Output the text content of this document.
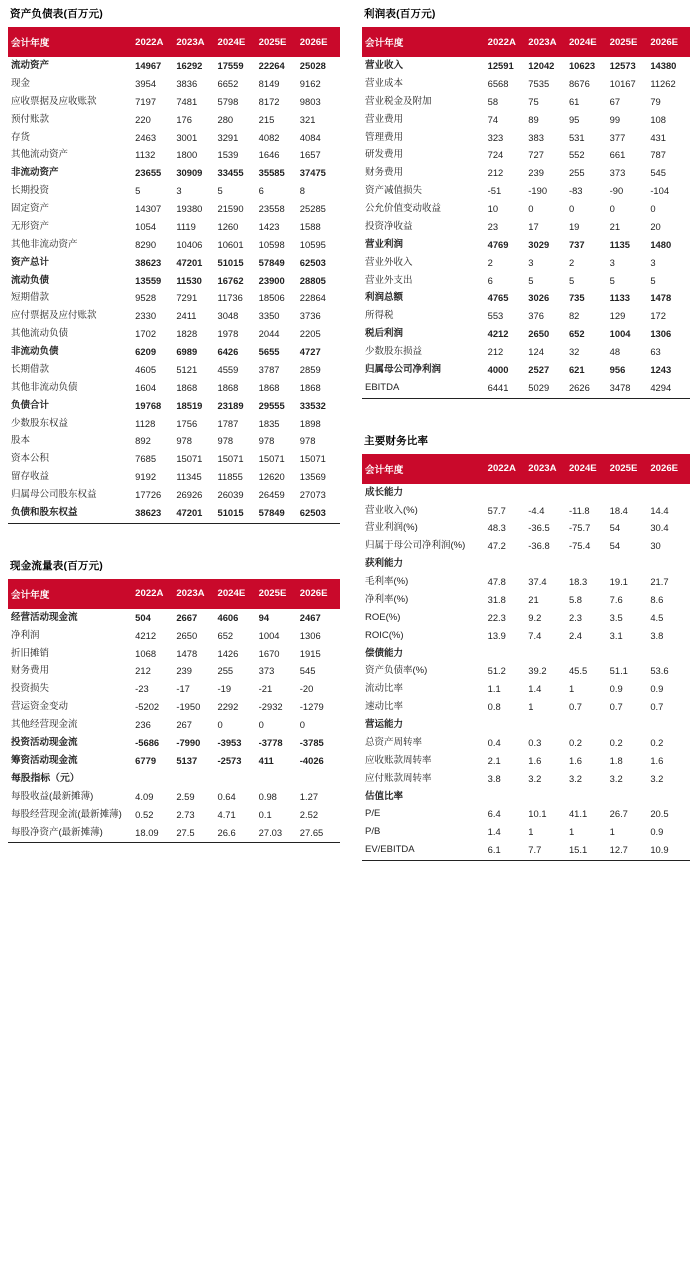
资产负债表(百万元)
会计年度	2022A	2023A	2024E	2025E	2026E
流动资产	14967	16292	17559	22264	25028
现金	3954	3836	6652	8149	9162
应收票据及应收账款	7197	7481	5798	8172	9803
预付账款	220	176	280	215	321
存货	2463	3001	3291	4082	4084
其他流动资产	1132	1800	1539	1646	1657
非流动资产	23655	30909	33455	35585	37475
长期投资	5	3	5	6	8
固定资产	14307	19380	21590	23558	25285
无形资产	1054	1119	1260	1423	1588
其他非流动资产	8290	10406	10601	10598	10595
资产总计	38623	47201	51015	57849	62503
流动负债	13559	11530	16762	23900	28805
短期借款	9528	7291	11736	18506	22864
应付票据及应付账款	2330	2411	3048	3350	3736
其他流动负债	1702	1828	1978	2044	2205
非流动负债	6209	6989	6426	5655	4727
长期借款	4605	5121	4559	3787	2859
其他非流动负债	1604	1868	1868	1868	1868
负债合计	19768	18519	23189	29555	33532
少数股东权益	1128	1756	1787	1835	1898
股本	892	978	978	978	978
资本公积	7685	15071	15071	15071	15071
留存收益	9192	11345	11855	12620	13569
归属母公司股东权益	17726	26926	26039	26459	27073
负债和股东权益	38623	47201	51015	57849	62503
现金流量表(百万元)
会计年度	2022A	2023A	2024E	2025E	2026E
经营活动现金流	504	2667	4606	94	2467
净利润	4212	2650	652	1004	1306
折旧摊销	1068	1478	1426	1670	1915
财务费用	212	239	255	373	545
投资损失	-23	-17	-19	-21	-20
营运资金变动	-5202	-1950	2292	-2932	-1279
其他经营现金流	236	267	0	0	0
投资活动现金流	-5686	-7990	-3953	-3778	-3785
筹资活动现金流	6779	5137	-2573	411	-4026
每股指标（元）					
每股收益(最新摊薄)	4.09	2.59	0.64	0.98	1.27
每股经营现金流(最新摊薄)	0.52	2.73	4.71	0.1	2.52
每股净资产(最新摊薄)	18.09	27.5	26.6	27.03	27.65
利润表(百万元)
会计年度	2022A	2023A	2024E	2025E	2026E
营业收入	12591	12042	10623	12573	14380
营业成本	6568	7535	8676	10167	11262
营业税金及附加	58	75	61	67	79
营业费用	74	89	95	99	108
管理费用	323	383	531	377	431
研发费用	724	727	552	661	787
财务费用	212	239	255	373	545
资产减值损失	-51	-190	-83	-90	-104
公允价值变动收益	10	0	0	0	0
投资净收益	23	17	19	21	20
营业利润	4769	3029	737	1135	1480
营业外收入	2	3	2	3	3
营业外支出	6	5	5	5	5
利润总额	4765	3026	735	1133	1478
所得税	553	376	82	129	172
税后利润	4212	2650	652	1004	1306
少数股东损益	212	124	32	48	63
归属母公司净利润	4000	2527	621	956	1243
EBITDA	6441	5029	2626	3478	4294
主要财务比率
会计年度	2022A	2023A	2024E	2025E	2026E
成长能力					
营业收入(%)	57.7	-4.4	-11.8	18.4	14.4
营业利润(%)	48.3	-36.5	-75.7	54	30.4
归属于母公司净利润(%)	47.2	-36.8	-75.4	54	30
获利能力					
毛利率(%)	47.8	37.4	18.3	19.1	21.7
净利率(%)	31.8	21	5.8	7.6	8.6
ROE(%)	22.3	9.2	2.3	3.5	4.5
ROIC(%)	13.9	7.4	2.4	3.1	3.8
偿债能力					
资产负债率(%)	51.2	39.2	45.5	51.1	53.6
流动比率	1.1	1.4	1	0.9	0.9
速动比率	0.8	1	0.7	0.7	0.7
营运能力					
总资产周转率	0.4	0.3	0.2	0.2	0.2
应收账款周转率	2.1	1.6	1.6	1.8	1.6
应付账款周转率	3.8	3.2	3.2	3.2	3.2
估值比率					
P/E	6.4	10.1	41.1	26.7	20.5
P/B	1.4	1	1	1	0.9
EV/EBITDA	6.1	7.7	15.1	12.7	10.9
